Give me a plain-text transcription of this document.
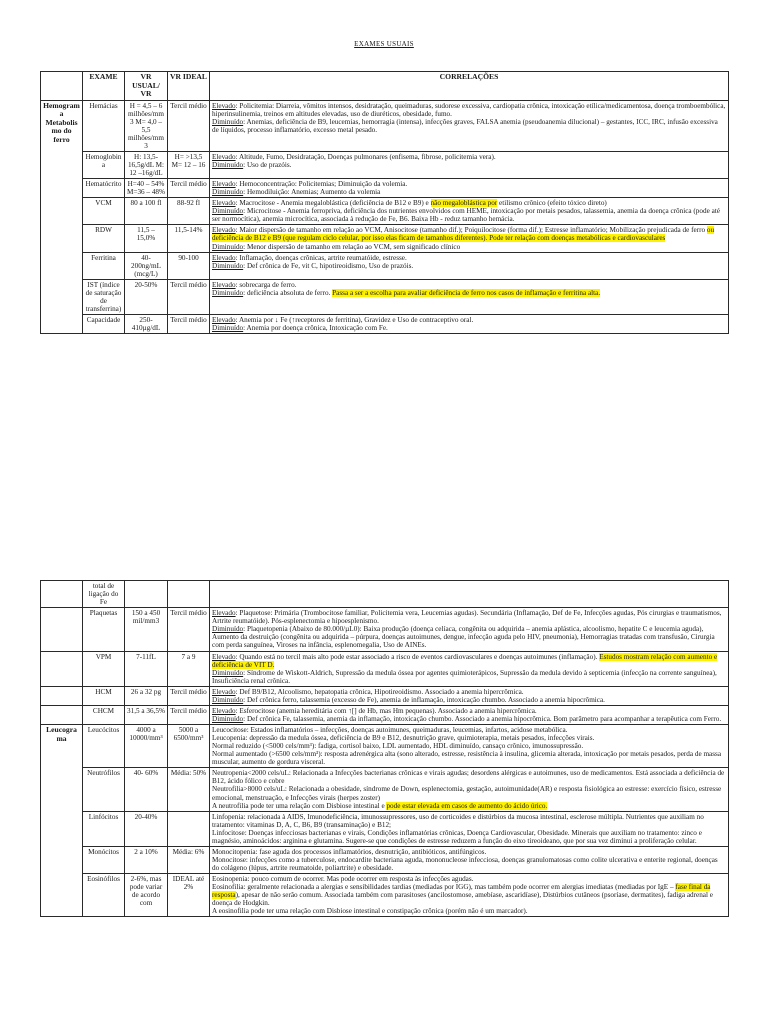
EXAMES USUAIS
	EXAME	VR USUAL/ VR	VR IDEAL	CORRELAÇÕES
Hemograma Metabolismo do ferro	Hemácias	H = 4,5 – 6 milhões/mm3 M= 4,0 – 5,5 milhões/mm3	Tercil médio	Elevado: Policitemia: Diarreia, vômitos intensos, desidratação, queimaduras, sudorese excessiva, cardiopatia crônica, intoxicação etílica/medicamentosa, doença tromboembólica, hiperinsulinemia, treinos em altitudes elevadas, uso de diuréticos, obesidade, fumo.
Diminuído: Anemias, deficiência de B9, leucemias, hemorragia (intensa), infecções graves, FALSA anemia (pseudoanemia dilucional) – gestantes, ICC, IRC, infusão excessiva de líquidos, processo inflamatório, excesso metal pesado.

	Hemoglobina	H: 13,5-16,5g/dL M: 12 –16g/dL	H= >13,5 M= 12 – 16	Elevado: Altitude, Fumo, Desidratação, Doenças pulmonares (enfisema, fibrose, policitemia vera).
Diminuído: Uso de prazóis.

	Hematócrito	H=40 – 54% M=36 – 48%	Tercil médio	Elevado: Hemoconcentração: Policitemias; Diminuição da volemia.
Diminuído: Hemodiluição: Anemias; Aumento da volemia

	VCM	80 a 100 fl	88-92 fl	Elevado: Macrocitose - Anemia megaloblástica (deficiência de B12 e B9) e não megaloblástica por etilismo crônico (efeito tóxico direto)
Diminuído: Microcitose - Anemia ferropriva, deficiência dos nutrientes envolvidos com HEME, intoxicação por metais pesados, talassemia, anemia da doença crônica (pode até ser normocítica), anemia microcítica, associada à redução de Fe, B6. Baixa Hb - reduz tamanho hemácia.

	RDW	11,5 – 15,0%	11,5-14%	Elevado: Maior dispersão de tamanho em relação ao VCM, Anisocitose (tamanho dif.); Poiquilocitose (forma dif.); Estresse inflamatório; Mobilização prejudicada de ferro ou deficiência de B12 e B9 (que regulam ciclo celular, por isso elas ficam de tamanhos diferentes). Pode ter relação com doenças metabólicas e cardiovasculares
Diminuído: Menor dispersão de tamanho em relação ao VCM, sem significado clínico

	Ferritina	40-200ng/mL (mcg/L)	90-100	Elevado: Inflamação, doenças crônicas, artrite reumatóide, estresse.
Diminuído: Def crônica de Fe, vit C, hipotireoidismo, Uso de prazóis.

	IST (índice de saturação de transferrina)	20-50%	Tercil médio	Elevado: sobrecarga de ferro.
Diminuído: deficiência absoluta de ferro. Passa a ser a escolha para avaliar deficiência de ferro nos casos de inflamação e ferritina alta.

	Capacidade	250-410µg/dL	Tercil médio	Elevado: Anemia por ↓ Fe (↑receptores de ferritina), Gravidez e Uso de contraceptivo oral.
Diminuído: Anemia por doença crônica, Intoxicação com Fe.
	total de ligação do Fe			
	Plaquetas	150 a 450 mil/mm3	Tercil médio	Elevado: Plaquetose: Primária (Trombocitose familiar, Policitemia vera, Leucemias agudas). Secundária (Inflamação, Def de Fe, Infecções agudas, Pós cirurgias e traumatismos, Artrite reumatóide). Pós-esplenectomia e hipoesplenismo.
Diminuído: Plaquetopenia (Abaixo de 80.000/µL0): Baixa produção (doença celíaca, congênita ou adquirida – anemia aplástica, alcoolismo, hepatite C e leucemia aguda), Aumento da destruição (congênita ou adquirida – púrpura, doenças autoimunes, dengue, infecção aguda pelo HIV, pneumonia), Hemorragias tratadas com transfusão, Cirurgia com perda sanguínea, Viroses na infância, esplenomegalia, Uso de AINEs.

	VPM	7-11fL	7 a 9	Elevado: Quando está no tercil mais alto pode estar associado a risco de eventos cardiovasculares e doenças autoimunes (inflamação). Estudos mostram relação com aumento e deficiência de VIT D.
Diminuído: Síndrome de Wiskott-Aldrich, Supressão da medula óssea por agentes quimioterápicos, Supressão da medula devido à septicemia (infecção na corrente sanguínea), Insuficiência renal crônica.

	HCM	26 a 32 pg	Tercil médio	Elevado: Def B9/B12, Alcoolismo, hepatopatia crônica, Hipotireoidismo. Associado a anemia hipercrômica.
Diminuído: Def crônica ferro, talassemia (excesso de Fe), anemia de inflamação, intoxicação chumbo. Associado a anemia hipocrômica.

	CHCM	31,5 a 36,5%	Tercil médio	Elevado: Esferocitose (anemia hereditária com ↑[] de Hb, mas Hm pequenas). Associado a anemia hipercrômica.
Diminuído: Def crônica Fe, talassemia, anemia da inflamação, intoxicação chumbo. Associado a anemia hipocrômica. Bom parâmetro para acompanhar a terapêutica com Ferro.

Leucograma	Leucócitos	4000 a 10000/mm³	5000 a 6500/mm³	Leucocitose: Estados inflamatórios – infecções, doenças autoimunes, queimaduras, leucemias, infartos, acidose metabólica.
Leucopenia: depressão da medula óssea, deficiência de B9 e B12, desnutrição grave, quimioterapia, metais pesados, infecções virais.
Normal reduzido (<5000 cels/mm³): fadiga, cortisol baixo, LDL aumentado, HDL diminuído, cansaço crônico, imunossupressão.
Normal aumentado (>6500 cels/mm³): resposta adrenérgica alta (sono alterado, estresse, resistência à insulina, glicemia alterada, intoxicação por metais pesados, perda de massa muscular, aumento de gordura visceral.

	Neutrófilos	40- 60%	Média: 50%	Neutropenia<2000 cels/uL: Relacionada a Infecções bacterianas crônicas e virais agudas; desordens alérgicas e autoimunes, uso de medicamentos. Está associada a deficiência de B12, ácido fólico e cobre
Neutrofilia>8000 cels/uL: Relacionada a obesidade, síndrome de Down, esplenectomia, gestação, autoimunidade(AR) e resposta fisiológica ao estresse: exercício físico, estresse emocional, menstruação, e Infecções virais (herpes zoster)
A neutrofilia pode ter uma relação com Disbiose intestinal e pode estar elevada em casos de aumento do ácido úrico.

	Linfócitos	20-40%		Linfopenia: relacionada à AIDS, Imunodeficiência, imunossupressores, uso de corticoides e distúrbios da mucosa intestinal, esclerose múltipla. Nutrientes que auxiliam no tratamento: vitaminas D, A, C, B6, B9 (transaminação) e B12;
Linfocitose: Doenças infecciosas bacterianas e virais, Condições inflamatórias crônicas, Doença Cardiovascular, Obesidade. Minerais que auxiliam no tratamento: zinco e magnésio, aminoácidos: arginina e glutamina. Sugere-se que condições de estresse reduzem a função do eixo tireoideano, que por sua vez diminui a proliferação celular.

	Monócitos	2 a 10%	Média: 6%	Monocitopenia: fase aguda dos processos inflamatórios, desnutrição, antibióticos, antifúngicos.
Monocitose: infecções como a tuberculose, endocardite bacteriana aguda, mononucleose infecciosa, doenças granulomatosas como colite ulcerativa e enterite regional, doenças do colágeno (lúpus, artrite reumatoide, poliartrite) e obesidade.

	Eosinófilos	2-6%, mas pode variar de acordo com	IDEAL até 2%	Eosinopenia: pouco comum de ocorrer. Mas pode ocorrer em resposta às infecções agudas.
Eosinofilia: geralmente relacionada a alergias e sensibilidades tardias (mediadas por IGG), mas também pode ocorrer em alergias imediatas (mediadas por IgE – fase final da resposta), apesar de não serão comum. Associada também com parasitoses (ancilostomose, amebíase, ascaridíase), Distúrbios cutâneos (psoríase, dermatites), fadiga adrenal e doença de Hodgkin.
A eosinofilia pode ter uma relação com Disbiose intestinal e constipação crônica (porém não é um marcador).
